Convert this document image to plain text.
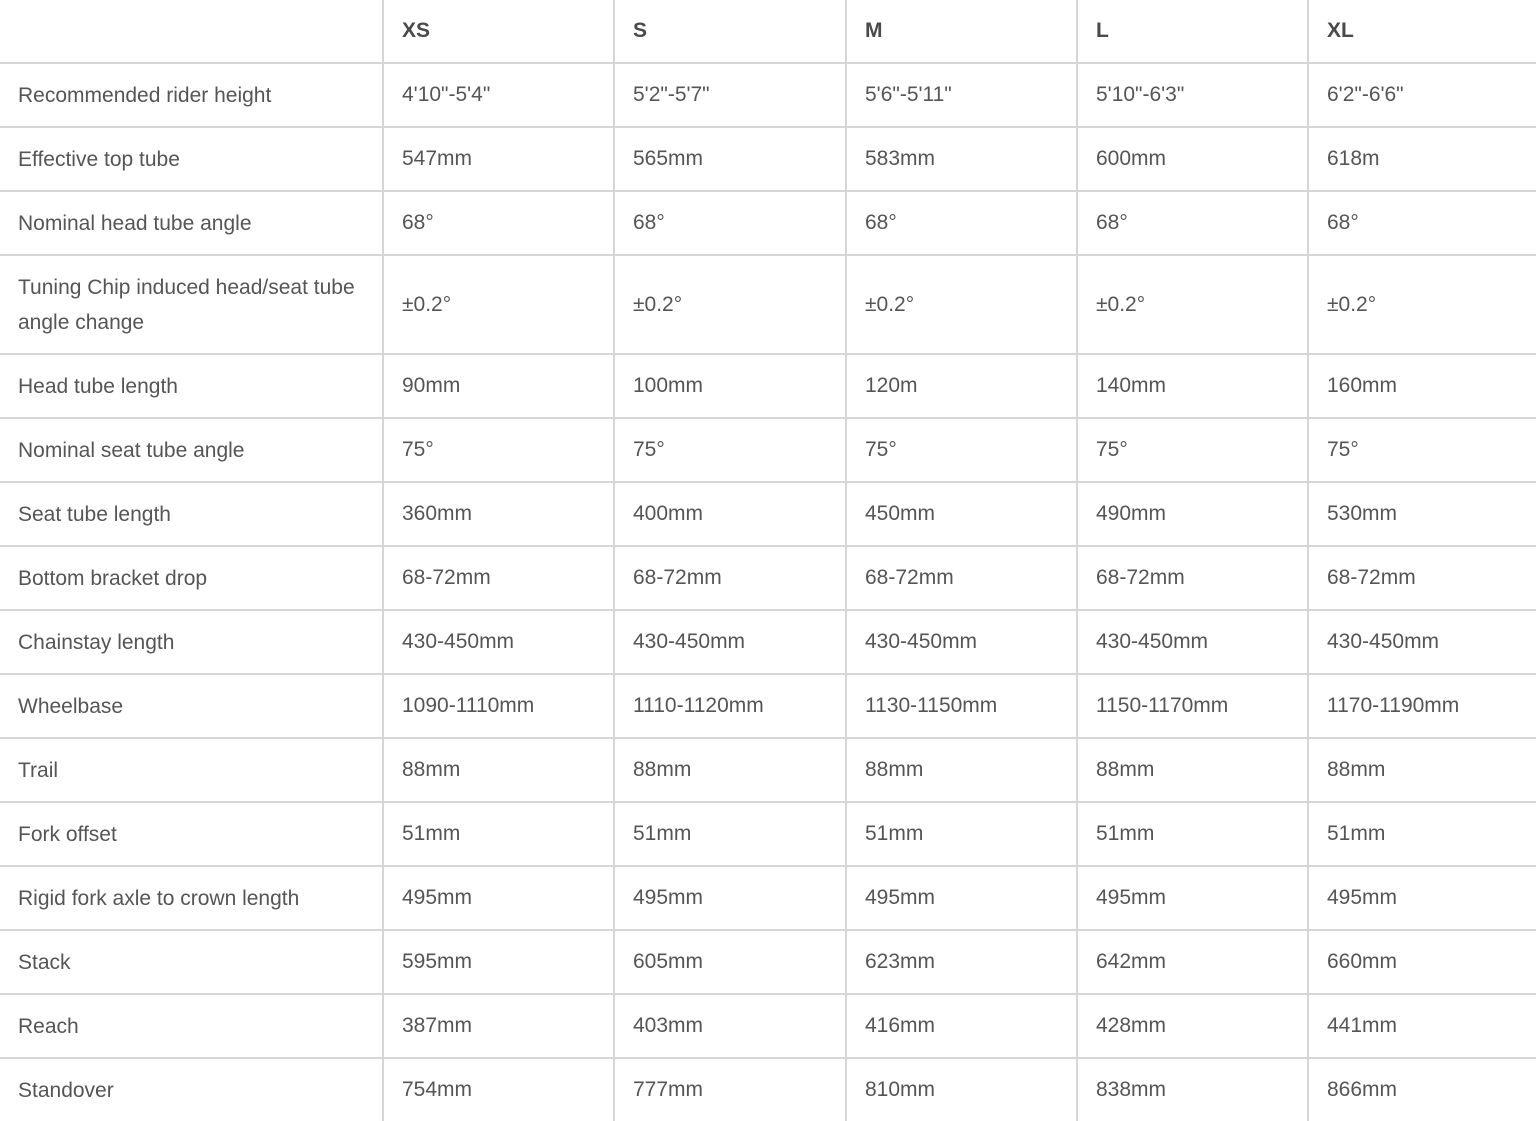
	XS	S	M	L	XL
Recommended rider height	4'10"-5'4"	5'2"-5'7"	5'6"-5'11"	5'10"-6'3"	6'2"-6'6"
Effective top tube	547mm	565mm	583mm	600mm	618m
Nominal head tube angle	68°	68°	68°	68°	68°
Tuning Chip induced head/seat tube angle change	±0.2°	±0.2°	±0.2°	±0.2°	±0.2°
Head tube length	90mm	100mm	120m	140mm	160mm
Nominal seat tube angle	75°	75°	75°	75°	75°
Seat tube length	360mm	400mm	450mm	490mm	530mm
Bottom bracket drop	68-72mm	68-72mm	68-72mm	68-72mm	68-72mm
Chainstay length	430-450mm	430-450mm	430-450mm	430-450mm	430-450mm
Wheelbase	1090-1110mm	1110-1120mm	1130-1150mm	1150-1170mm	1170-1190mm
Trail	88mm	88mm	88mm	88mm	88mm
Fork offset	51mm	51mm	51mm	51mm	51mm
Rigid fork axle to crown length	495mm	495mm	495mm	495mm	495mm
Stack	595mm	605mm	623mm	642mm	660mm
Reach	387mm	403mm	416mm	428mm	441mm
Standover	754mm	777mm	810mm	838mm	866mm
